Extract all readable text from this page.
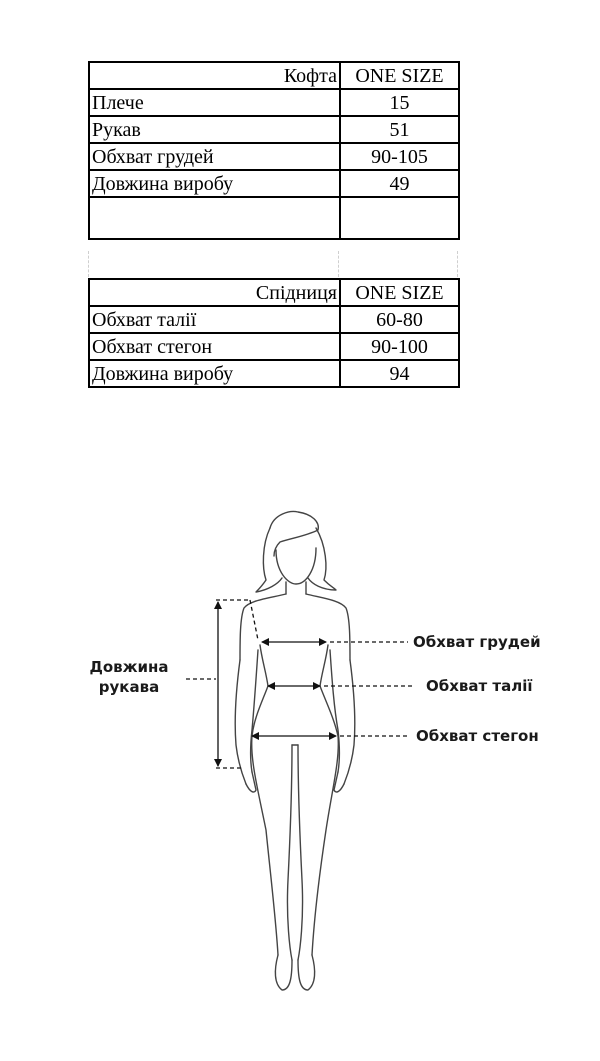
Кофта	ONE SIZE
Плече	15
Рукав	51
Обхват грудей	90-105
Довжина виробу	49

Спідниця	ONE SIZE
Обхват талії	60-80
Обхват стегон	90-100
Довжина виробу	94
Довжина
рукава
Обхват грудей
Обхват талії
Обхват стегон
